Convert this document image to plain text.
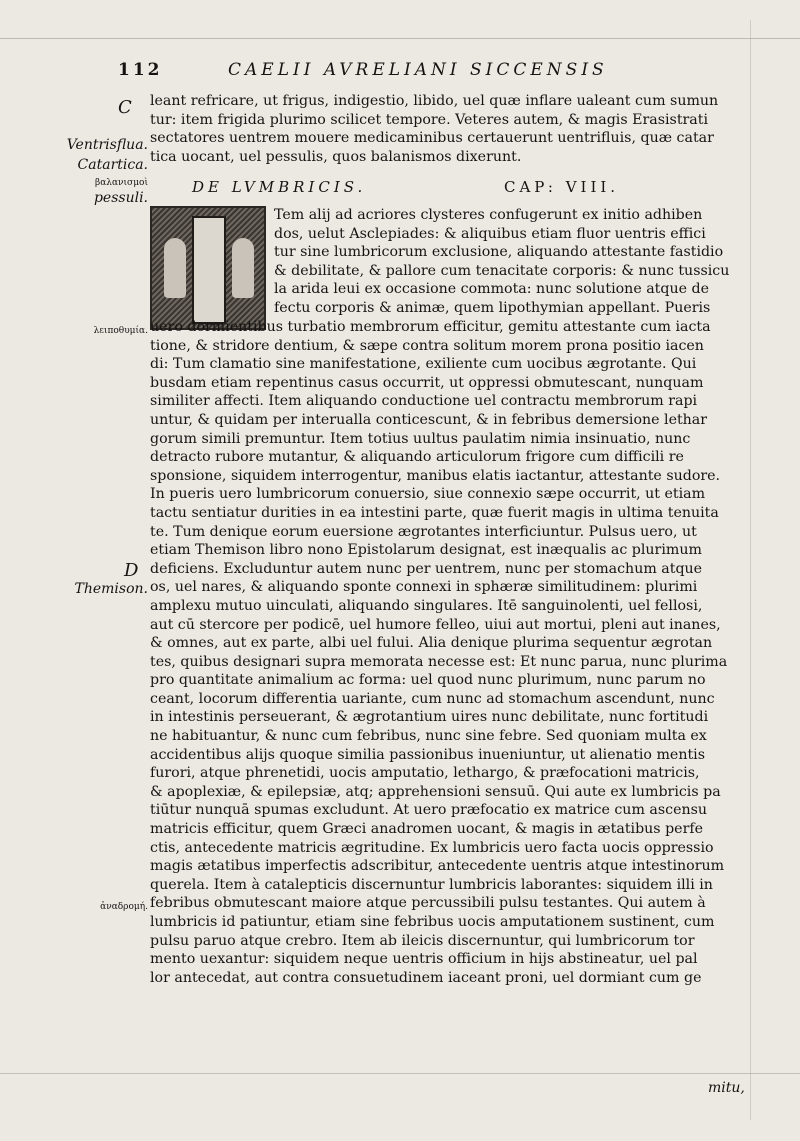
112	CAELII AVRELIANI SICCENSIS
C
D
Ventrisflua.
Catartica.
βαλανισμοὶ
pessuli.
λειποθυμία.
Themison.
ἀναδρομή.
leant refricare, ut frigus, indigestio, libido, uel quæ inflare ualeant cum sumun
tur: item frigida plurimo scilicet tempore. Veteres autem, & magis Erasistrati
sectatores uentrem mouere medicaminibus certauerunt uentrifluis, quæ catar
tica uocant, uel pessulis, quos balanismos dixerunt.
DE LVMBRICIS.	CAP: VIII.
Tem alij ad acriores clysteres confugerunt ex initio adhiben
dos, uelut Asclepiades: & aliquibus etiam fluor uentris effici
tur sine lumbricorum exclusione, aliquando attestante fastidio
& debilitate, & pallore cum tenacitate corporis: & nunc tussicu
la arida leui ex occasione commota: nunc solutione atque de
fectu corporis & animæ, quem lipothymian appellant. Pueris
uero dormientibus turbatio membrorum efficitur, gemitu attestante cum iacta
tione, & stridore dentium, & sæpe contra solitum morem prona positio iacen
di: Tum clamatio sine manifestatione, exiliente cum uocibus ægrotante. Qui
busdam etiam repentinus casus occurrit, ut oppressi obmutescant, nunquam
similiter affecti. Item aliquando conductione uel contractu membrorum rapi
untur, & quidam per interualla conticescunt, & in febribus demersione lethar
gorum simili premuntur. Item totius uultus paulatim nimia insinuatio, nunc
detracto rubore mutantur, & aliquando articulorum frigore cum difficili re
sponsione, siquidem interrogentur, manibus elatis iactantur, attestante sudore.
In pueris uero lumbricorum conuersio, siue connexio sæpe occurrit, ut etiam
tactu sentiatur durities in ea intestini parte, quæ fuerit magis in ultima tenuita
te. Tum denique eorum euersione ægrotantes interficiuntur. Pulsus uero, ut
etiam Themison libro nono Epistolarum designat, est inæqualis ac plurimum
deficiens. Excluduntur autem nunc per uentrem, nunc per stomachum atque
os, uel nares, & aliquando sponte connexi in sphæræ similitudinem: plurimi
amplexu mutuo uinculati, aliquando singulares. Itē sanguinolenti, uel fellosi,
aut cū stercore per podicē, uel humore felleo, uiui aut mortui, pleni aut inanes,
& omnes, aut ex parte, albi uel fului. Alia denique plurima sequentur ægrotan
tes, quibus designari supra memorata necesse est: Et nunc parua, nunc plurima
pro quantitate animalium ac forma: uel quod nunc plurimum, nunc parum no
ceant, locorum differentia uariante, cum nunc ad stomachum ascendunt, nunc
in intestinis perseuerant, & ægrotantium uires nunc debilitate, nunc fortitudi
ne habituantur, & nunc cum febribus, nunc sine febre. Sed quoniam multa ex
accidentibus alijs quoque similia passionibus inueniuntur, ut alienatio mentis
furori, atque phrenetidi, uocis amputatio, lethargo, & præfocationi matricis,
& apoplexiæ, & epilepsiæ, atq; apprehensioni sensuū. Qui aute ex lumbricis pa
tiūtur nunquā spumas excludunt. At uero præfocatio ex matrice cum ascensu
matricis efficitur, quem Græci anadromen uocant, & magis in ætatibus perfe
ctis, antecedente matricis ægritudine. Ex lumbricis uero facta uocis oppressio
magis ætatibus imperfectis adscribitur, antecedente uentris atque intestinorum
querela. Item à catalepticis discernuntur lumbricis laborantes: siquidem illi in
febribus obmutescant maiore atque percussibili pulsu testantes. Qui autem à
lumbricis id patiuntur, etiam sine febribus uocis amputationem sustinent, cum
pulsu paruo atque crebro. Item ab ileicis discernuntur, qui lumbricorum tor
mento uexantur: siquidem neque uentris officium in hijs abstineatur, uel pal
lor antecedat, aut contra consuetudinem iaceant proni, uel dormiant cum ge
mitu,
